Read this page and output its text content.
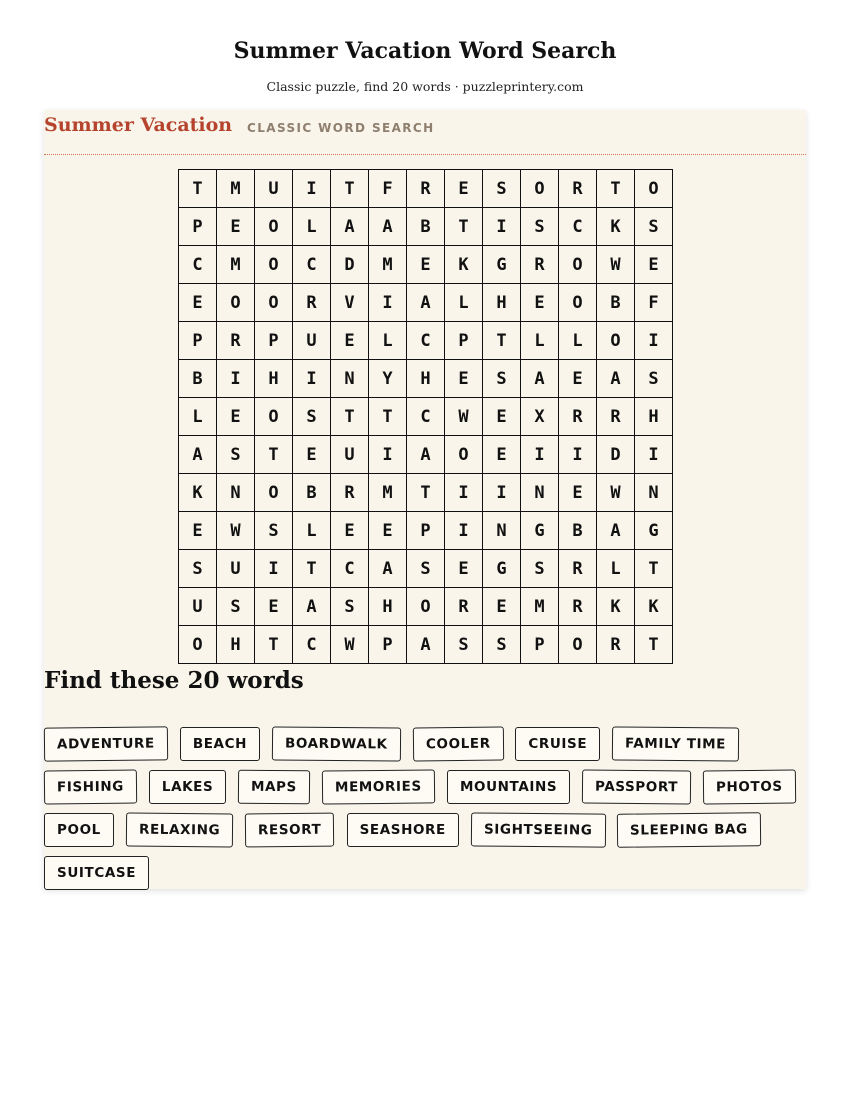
Summer Vacation Word Search

Classic puzzle, find 20 words · puzzleprintery.com

Summer Vacation CLASSIC WORD SEARCH
T	M	U	I	T	F	R	E	S	O	R	T	O
P	E	O	L	A	A	B	T	I	S	C	K	S
C	M	O	C	D	M	E	K	G	R	O	W	E
E	O	O	R	V	I	A	L	H	E	O	B	F
P	R	P	U	E	L	C	P	T	L	L	O	I
B	I	H	I	N	Y	H	E	S	A	E	A	S
L	E	O	S	T	T	C	W	E	X	R	R	H
A	S	T	E	U	I	A	O	E	I	I	D	I
K	N	O	B	R	M	T	I	I	N	E	W	N
E	W	S	L	E	E	P	I	N	G	B	A	G
S	U	I	T	C	A	S	E	G	S	R	L	T
U	S	E	A	S	H	O	R	E	M	R	K	K
O	H	T	C	W	P	A	S	S	P	O	R	T
Find these 20 words
ADVENTURE	BEACH	BOARDWALK	COOLER	CRUISE	FAMILY TIME
FISHING	LAKES	MAPS	MEMORIES	MOUNTAINS	PASSPORT	PHOTOS
POOL	RELAXING	RESORT	SEASHORE	SIGHTSEEING	SLEEPING BAG
SUITCASE
